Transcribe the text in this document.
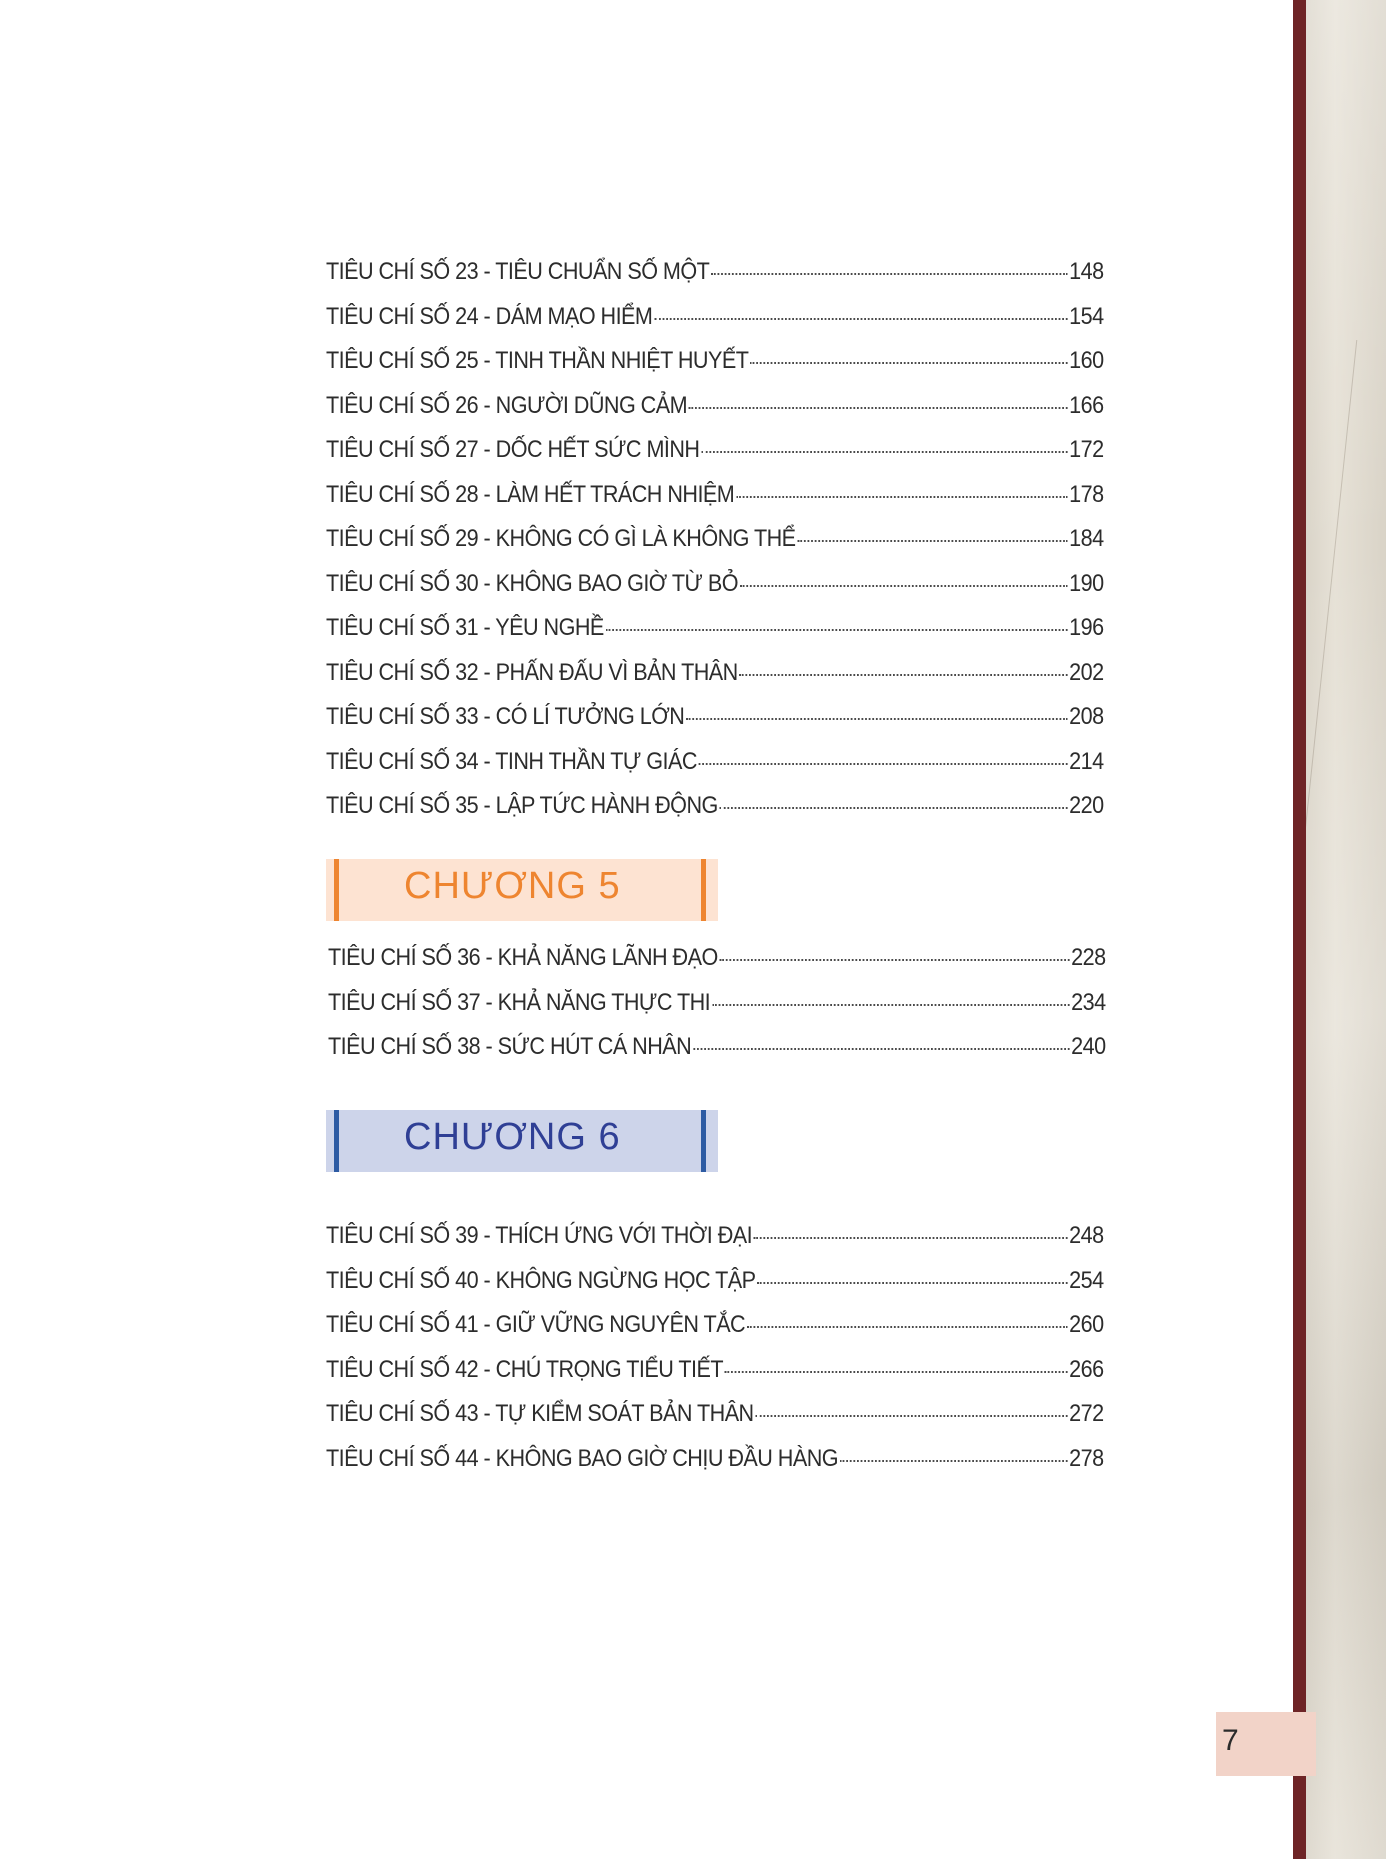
7
TIÊU CHÍ SỐ 23 - TIÊU CHUẨN SỐ MỘT	148
TIÊU CHÍ SỐ 24 - DÁM MẠO HIỂM	154
TIÊU CHÍ SỐ 25 - TINH THẦN NHIỆT HUYẾT	160
TIÊU CHÍ SỐ 26 - NGƯỜI DŨNG CẢM	166
TIÊU CHÍ SỐ 27 - DỐC HẾT SỨC MÌNH	172
TIÊU CHÍ SỐ 28 - LÀM HẾT TRÁCH NHIỆM	178
TIÊU CHÍ SỐ 29 - KHÔNG CÓ GÌ LÀ KHÔNG THỂ	184
TIÊU CHÍ SỐ 30 - KHÔNG BAO GIỜ TỪ BỎ	190
TIÊU CHÍ SỐ 31 - YÊU NGHỀ	196
TIÊU CHÍ SỐ 32 - PHẤN ĐẤU VÌ BẢN THÂN	202
TIÊU CHÍ SỐ 33 - CÓ LÍ TƯỞNG LỚN	208
TIÊU CHÍ SỐ 34 - TINH THẦN TỰ GIÁC	214
TIÊU CHÍ SỐ 35 - LẬP TỨC HÀNH ĐỘNG	220
CHƯƠNG 5
TIÊU CHÍ SỐ 36 - KHẢ NĂNG LÃNH ĐẠO	228
TIÊU CHÍ SỐ 37 - KHẢ NĂNG THỰC THI	234
TIÊU CHÍ SỐ 38 - SỨC HÚT CÁ NHÂN	240
CHƯƠNG 6
TIÊU CHÍ SỐ 39 - THÍCH ỨNG VỚI THỜI ĐẠI	248
TIÊU CHÍ SỐ 40 - KHÔNG NGỪNG HỌC TẬP	254
TIÊU CHÍ SỐ 41 - GIỮ VỮNG NGUYÊN TẮC	260
TIÊU CHÍ SỐ 42 - CHÚ TRỌNG TIỂU TIẾT	266
TIÊU CHÍ SỐ 43 - TỰ KIỂM SOÁT BẢN THÂN	272
TIÊU CHÍ SỐ 44 - KHÔNG BAO GIỜ CHỊU ĐẦU HÀNG	278
